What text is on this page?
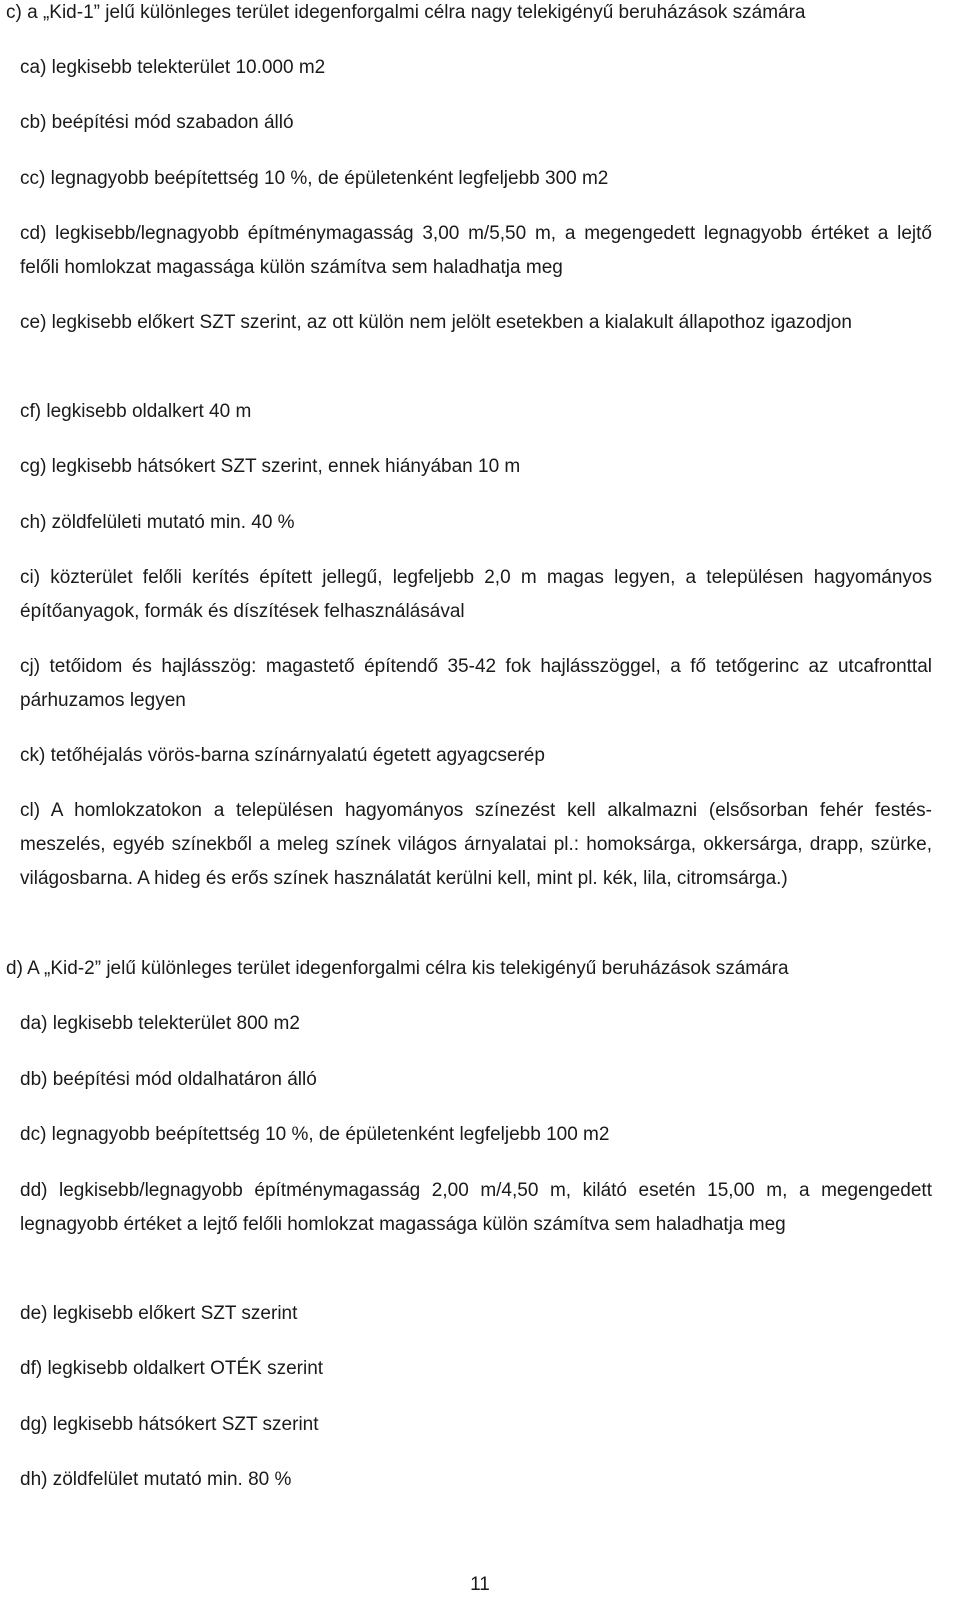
c) a „Kid-1” jelű különleges terület idegenforgalmi célra nagy telekigényű beruházások számára

ca) legkisebb telekterület 10.000 m2

cb) beépítési mód szabadon álló

cc) legnagyobb beépítettség 10 %, de épületenként legfeljebb 300 m2

cd) legkisebb/legnagyobb építménymagasság 3,00 m/5,50 m, a megengedett legnagyobb értéket a lejtő felőli homlokzat magassága külön számítva sem haladhatja meg

ce) legkisebb előkert SZT szerint, az ott külön nem jelölt esetekben a kialakult állapothoz igazodjon

cf) legkisebb oldalkert 40 m

cg) legkisebb hátsókert SZT szerint, ennek hiányában 10 m

ch) zöldfelületi mutató min. 40 %

ci) közterület felőli kerítés épített jellegű, legfeljebb 2,0 m magas legyen, a településen hagyományos építőanyagok, formák és díszítések felhasználásával

cj) tetőidom és hajlásszög: magastető építendő 35-42 fok hajlásszöggel, a fő tetőgerinc az utcafronttal párhuzamos legyen

ck) tetőhéjalás vörös-barna színárnyalatú égetett agyagcserép

cl) A homlokzatokon a településen hagyományos színezést kell alkalmazni (elsősorban fehér festés-meszelés, egyéb színekből a meleg színek világos árnyalatai pl.: homoksárga, okkersárga, drapp, szürke, világosbarna. A hideg és erős színek használatát kerülni kell, mint pl. kék, lila, citromsárga.)

d) A „Kid-2” jelű különleges terület idegenforgalmi célra kis telekigényű beruházások számára

da) legkisebb telekterület 800 m2

db) beépítési mód oldalhatáron álló

dc) legnagyobb beépítettség 10 %, de épületenként legfeljebb 100 m2

dd) legkisebb/legnagyobb építménymagasság 2,00 m/4,50 m, kilátó esetén 15,00 m, a megengedett legnagyobb értéket a lejtő felőli homlokzat magassága külön számítva sem haladhatja meg

de) legkisebb előkert SZT szerint

df) legkisebb oldalkert OTÉK szerint

dg) legkisebb hátsókert SZT szerint

dh) zöldfelület mutató min. 80 %

11
